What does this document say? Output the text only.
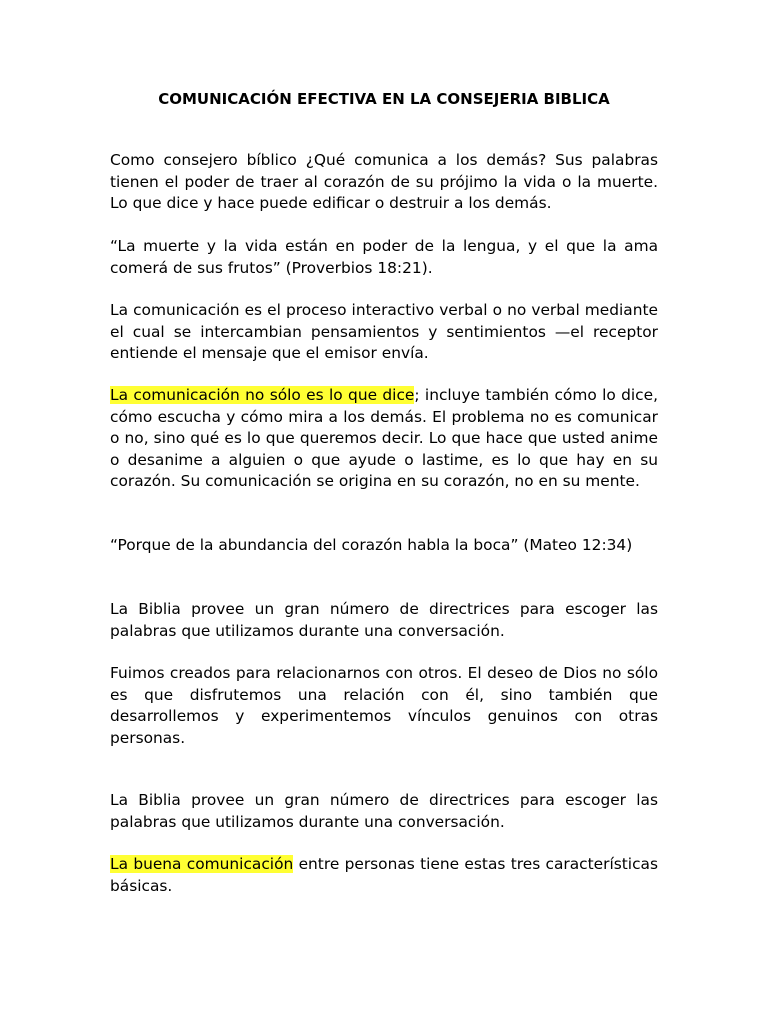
COMUNICACIÓN EFECTIVA EN LA CONSEJERIA BIBLICA

Como consejero bíblico ¿Qué comunica a los demás? Sus palabras tienen el poder de traer al corazón de su prójimo la vida o la muerte. Lo que dice y hace puede edificar o destruir a los demás.

“La muerte y la vida están en poder de la lengua, y el que la ama comerá de sus frutos” (Proverbios 18:21).

La comunicación es el proceso interactivo verbal o no verbal mediante el cual se intercambian pensamientos y sentimientos —el receptor entiende el mensaje que el emisor envía.

La comunicación no sólo es lo que dice; incluye también cómo lo dice, cómo escucha y cómo mira a los demás. El problema no es comunicar o no, sino qué es lo que queremos decir. Lo que hace que usted anime o desanime a alguien o que ayude o lastime, es lo que hay en su corazón. Su comunicación se origina en su corazón, no en su mente.

“Porque de la abundancia del corazón habla la boca” (Mateo 12:34)

La Biblia provee un gran número de directrices para escoger las palabras que utilizamos durante una conversación.

Fuimos creados para relacionarnos con otros. El deseo de Dios no sólo es que disfrutemos una relación con él, sino también que desarrollemos y experimentemos vínculos genuinos con otras personas.

La Biblia provee un gran número de directrices para escoger las palabras que utilizamos durante una conversación.

La buena comunicación entre personas tiene estas tres características básicas.
